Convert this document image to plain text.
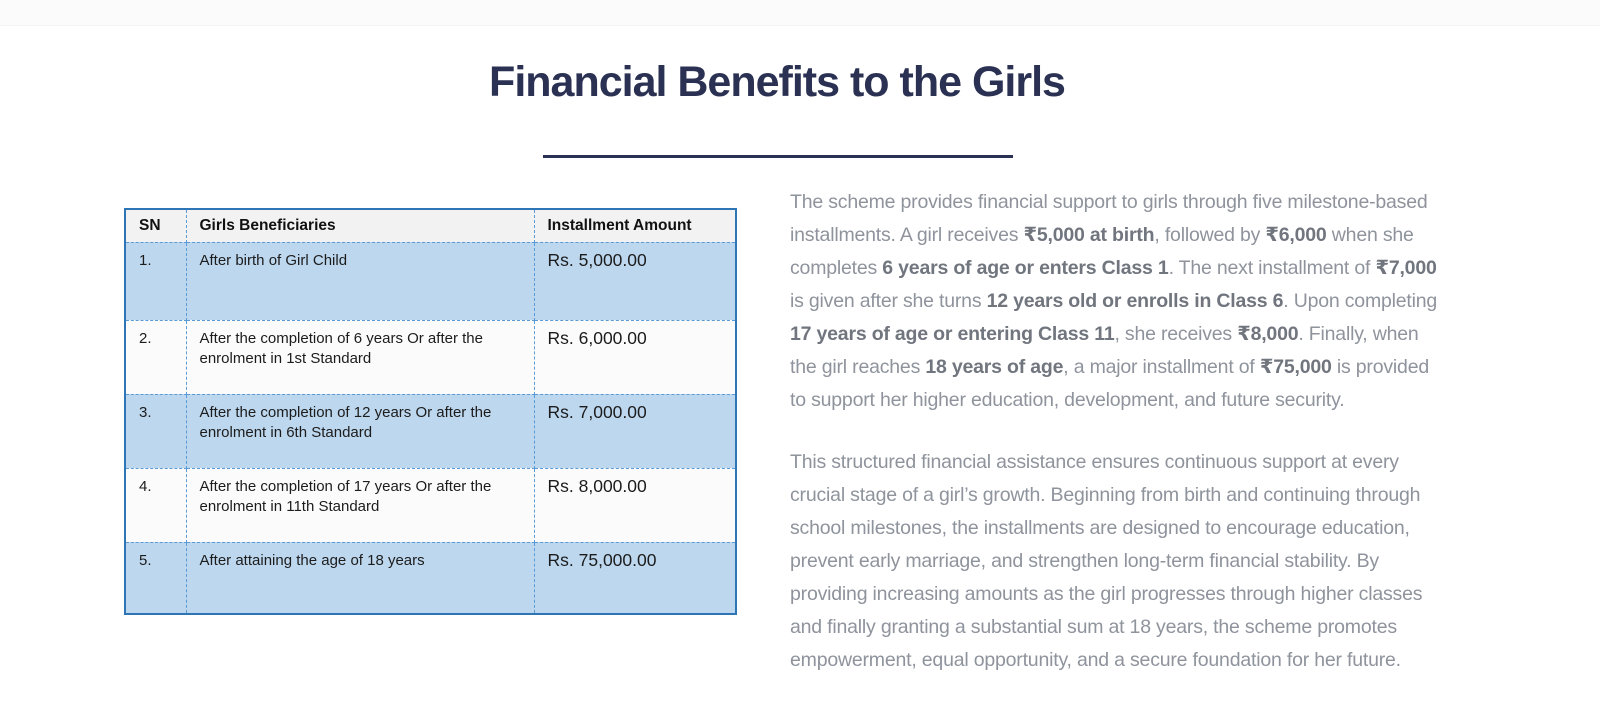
Financial Benefits to the Girls
SN	Girls Beneficiaries	Installment Amount
1.	After birth of Girl Child	Rs. 5,000.00
2.	After the completion of 6 years Or after the enrolment in 1st Standard	Rs. 6,000.00
3.	After the completion of 12 years Or after the enrolment in 6th Standard	Rs. 7,000.00
4.	After the completion of 17 years Or after the enrolment in 11th Standard	Rs. 8,000.00
5.	After attaining the age of 18 years	Rs. 75,000.00

The scheme provides financial support to girls through five milestone-based installments. A girl receives ₹5,000 at birth, followed by ₹6,000 when she completes 6 years of age or enters Class 1. The next installment of ₹7,000 is given after she turns 12 years old or enrolls in Class 6. Upon completing 17 years of age or entering Class 11, she receives ₹8,000. Finally, when the girl reaches 18 years of age, a major installment of ₹75,000 is provided to support her higher education, development, and future security.

This structured financial assistance ensures continuous support at every crucial stage of a girl’s growth. Beginning from birth and continuing through school milestones, the installments are designed to encourage education, prevent early marriage, and strengthen long-term financial stability. By providing increasing amounts as the girl progresses through higher classes and finally granting a substantial sum at 18 years, the scheme promotes empowerment, equal opportunity, and a secure foundation for her future.
